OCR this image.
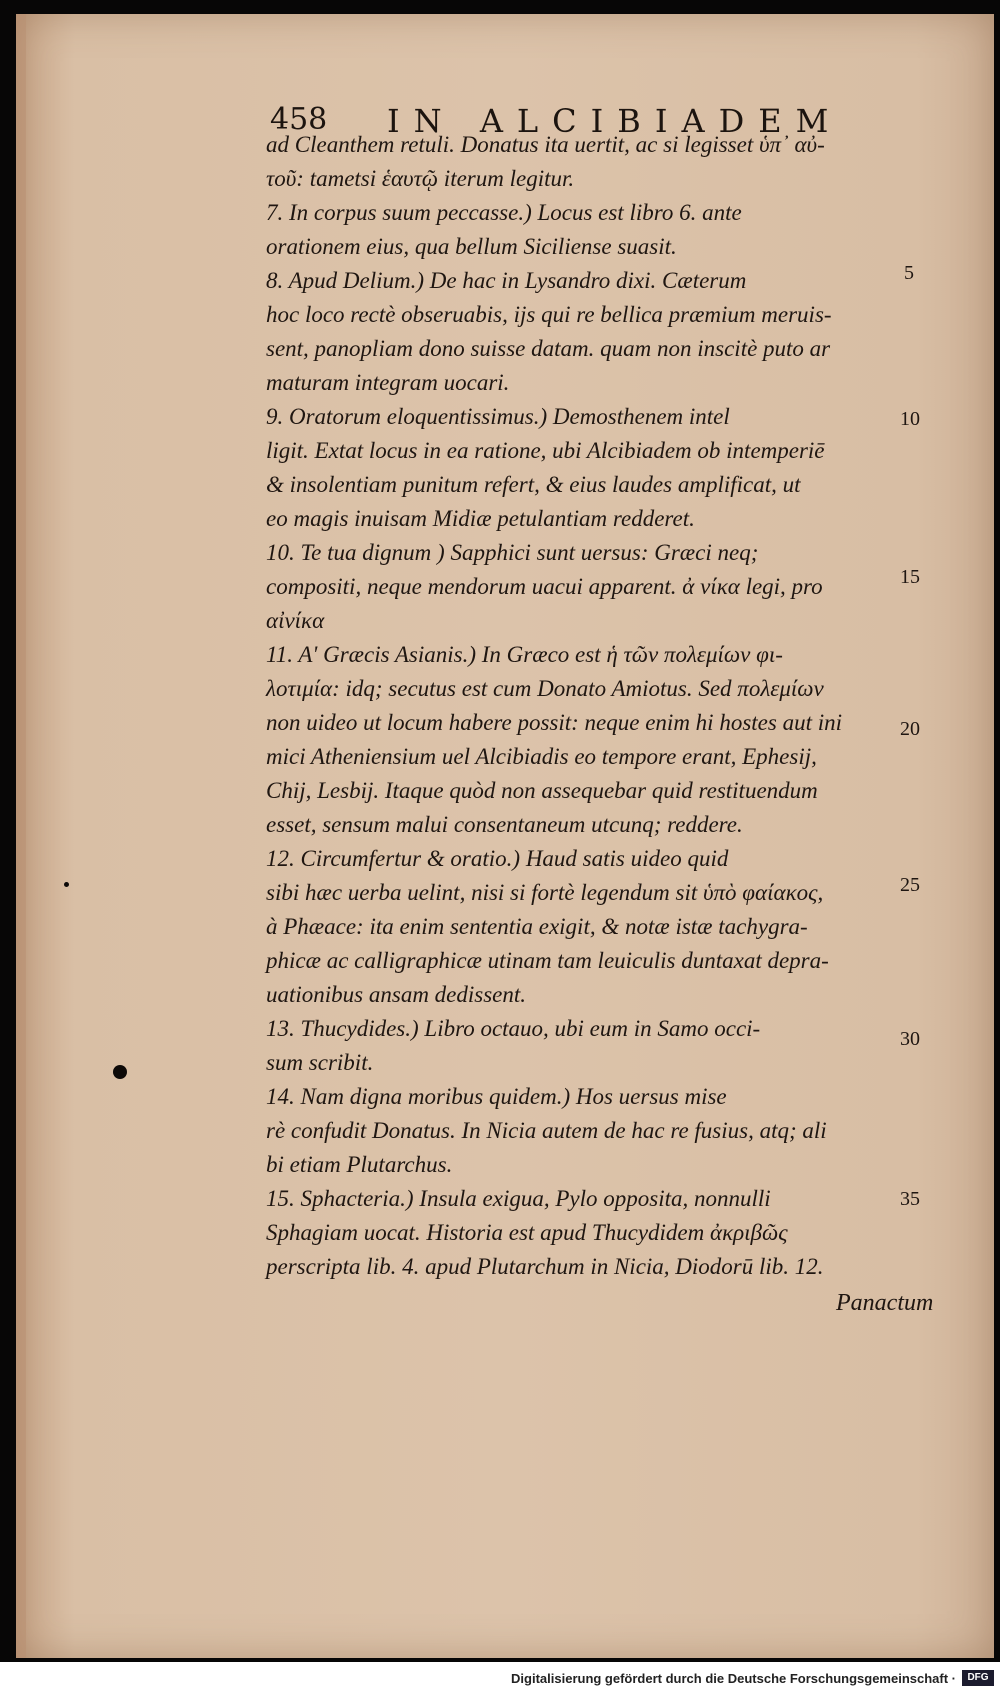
458 IN ALCIBIADEM
ad Cleanthem retuli. Donatus ita uertit, ac si legisset ὑπ᾽ αὐ-
τοῦ: tametsi ἑαυτῷ iterum legitur.
7. In corpus suum peccasse.) Locus est libro 6. ante
orationem eius, qua bellum Siciliense suasit.
8. Apud Delium.) De hac in Lysandro dixi. Cæterum
hoc loco rectè obseruabis, ijs qui re bellica præmium meruis-
sent, panopliam dono suisse datam. quam non inscitè puto ar
maturam integram uocari.
9. Oratorum eloquentissimus.) Demosthenem intel
ligit. Extat locus in ea ratione, ubi Alcibiadem ob intemperiē
& insolentiam punitum refert, & eius laudes amplificat, ut
eo magis inuisam Midiæ petulantiam redderet.
10. Te tua dignum ) Sapphici sunt uersus: Græci neq;
compositi, neque mendorum uacui apparent. ἀ νίκα legi, pro
αἰνίκα
11. A' Græcis Asianis.) In Græco est ἡ τῶν πολεμίων φι-
λοτιμία: idq; secutus est cum Donato Amiotus. Sed πολεμίων
non uideo ut locum habere possit: neque enim hi hostes aut ini
mici Atheniensium uel Alcibiadis eo tempore erant, Ephesij,
Chij, Lesbij. Itaque quòd non assequebar quid restituendum
esset, sensum malui consentaneum utcunq; reddere.
12. Circumfertur & oratio.) Haud satis uideo quid
sibi hæc uerba uelint, nisi si fortè legendum sit ὑπὸ φαίακος,
à Phæace: ita enim sententia exigit, & notæ istæ tachygra-
phicæ ac calligraphicæ utinam tam leuiculis duntaxat depra-
uationibus ansam dedissent.
13. Thucydides.) Libro octauo, ubi eum in Samo occi-
sum scribit.
14. Nam digna moribus quidem.) Hos uersus mise
rè confudit Donatus. In Nicia autem de hac re fusius, atq; ali
bi etiam Plutarchus.
15. Sphacteria.) Insula exigua, Pylo opposita, nonnulli
Sphagiam uocat. Historia est apud Thucydidem ἀκριβῶς
perscripta lib. 4. apud Plutarchum in Nicia, Diodorū lib. 12.
Panactum
5
10
15
20
25
30
35
Digitalisierung gefördert durch die Deutsche Forschungsgemeinschaft ·	DFG
